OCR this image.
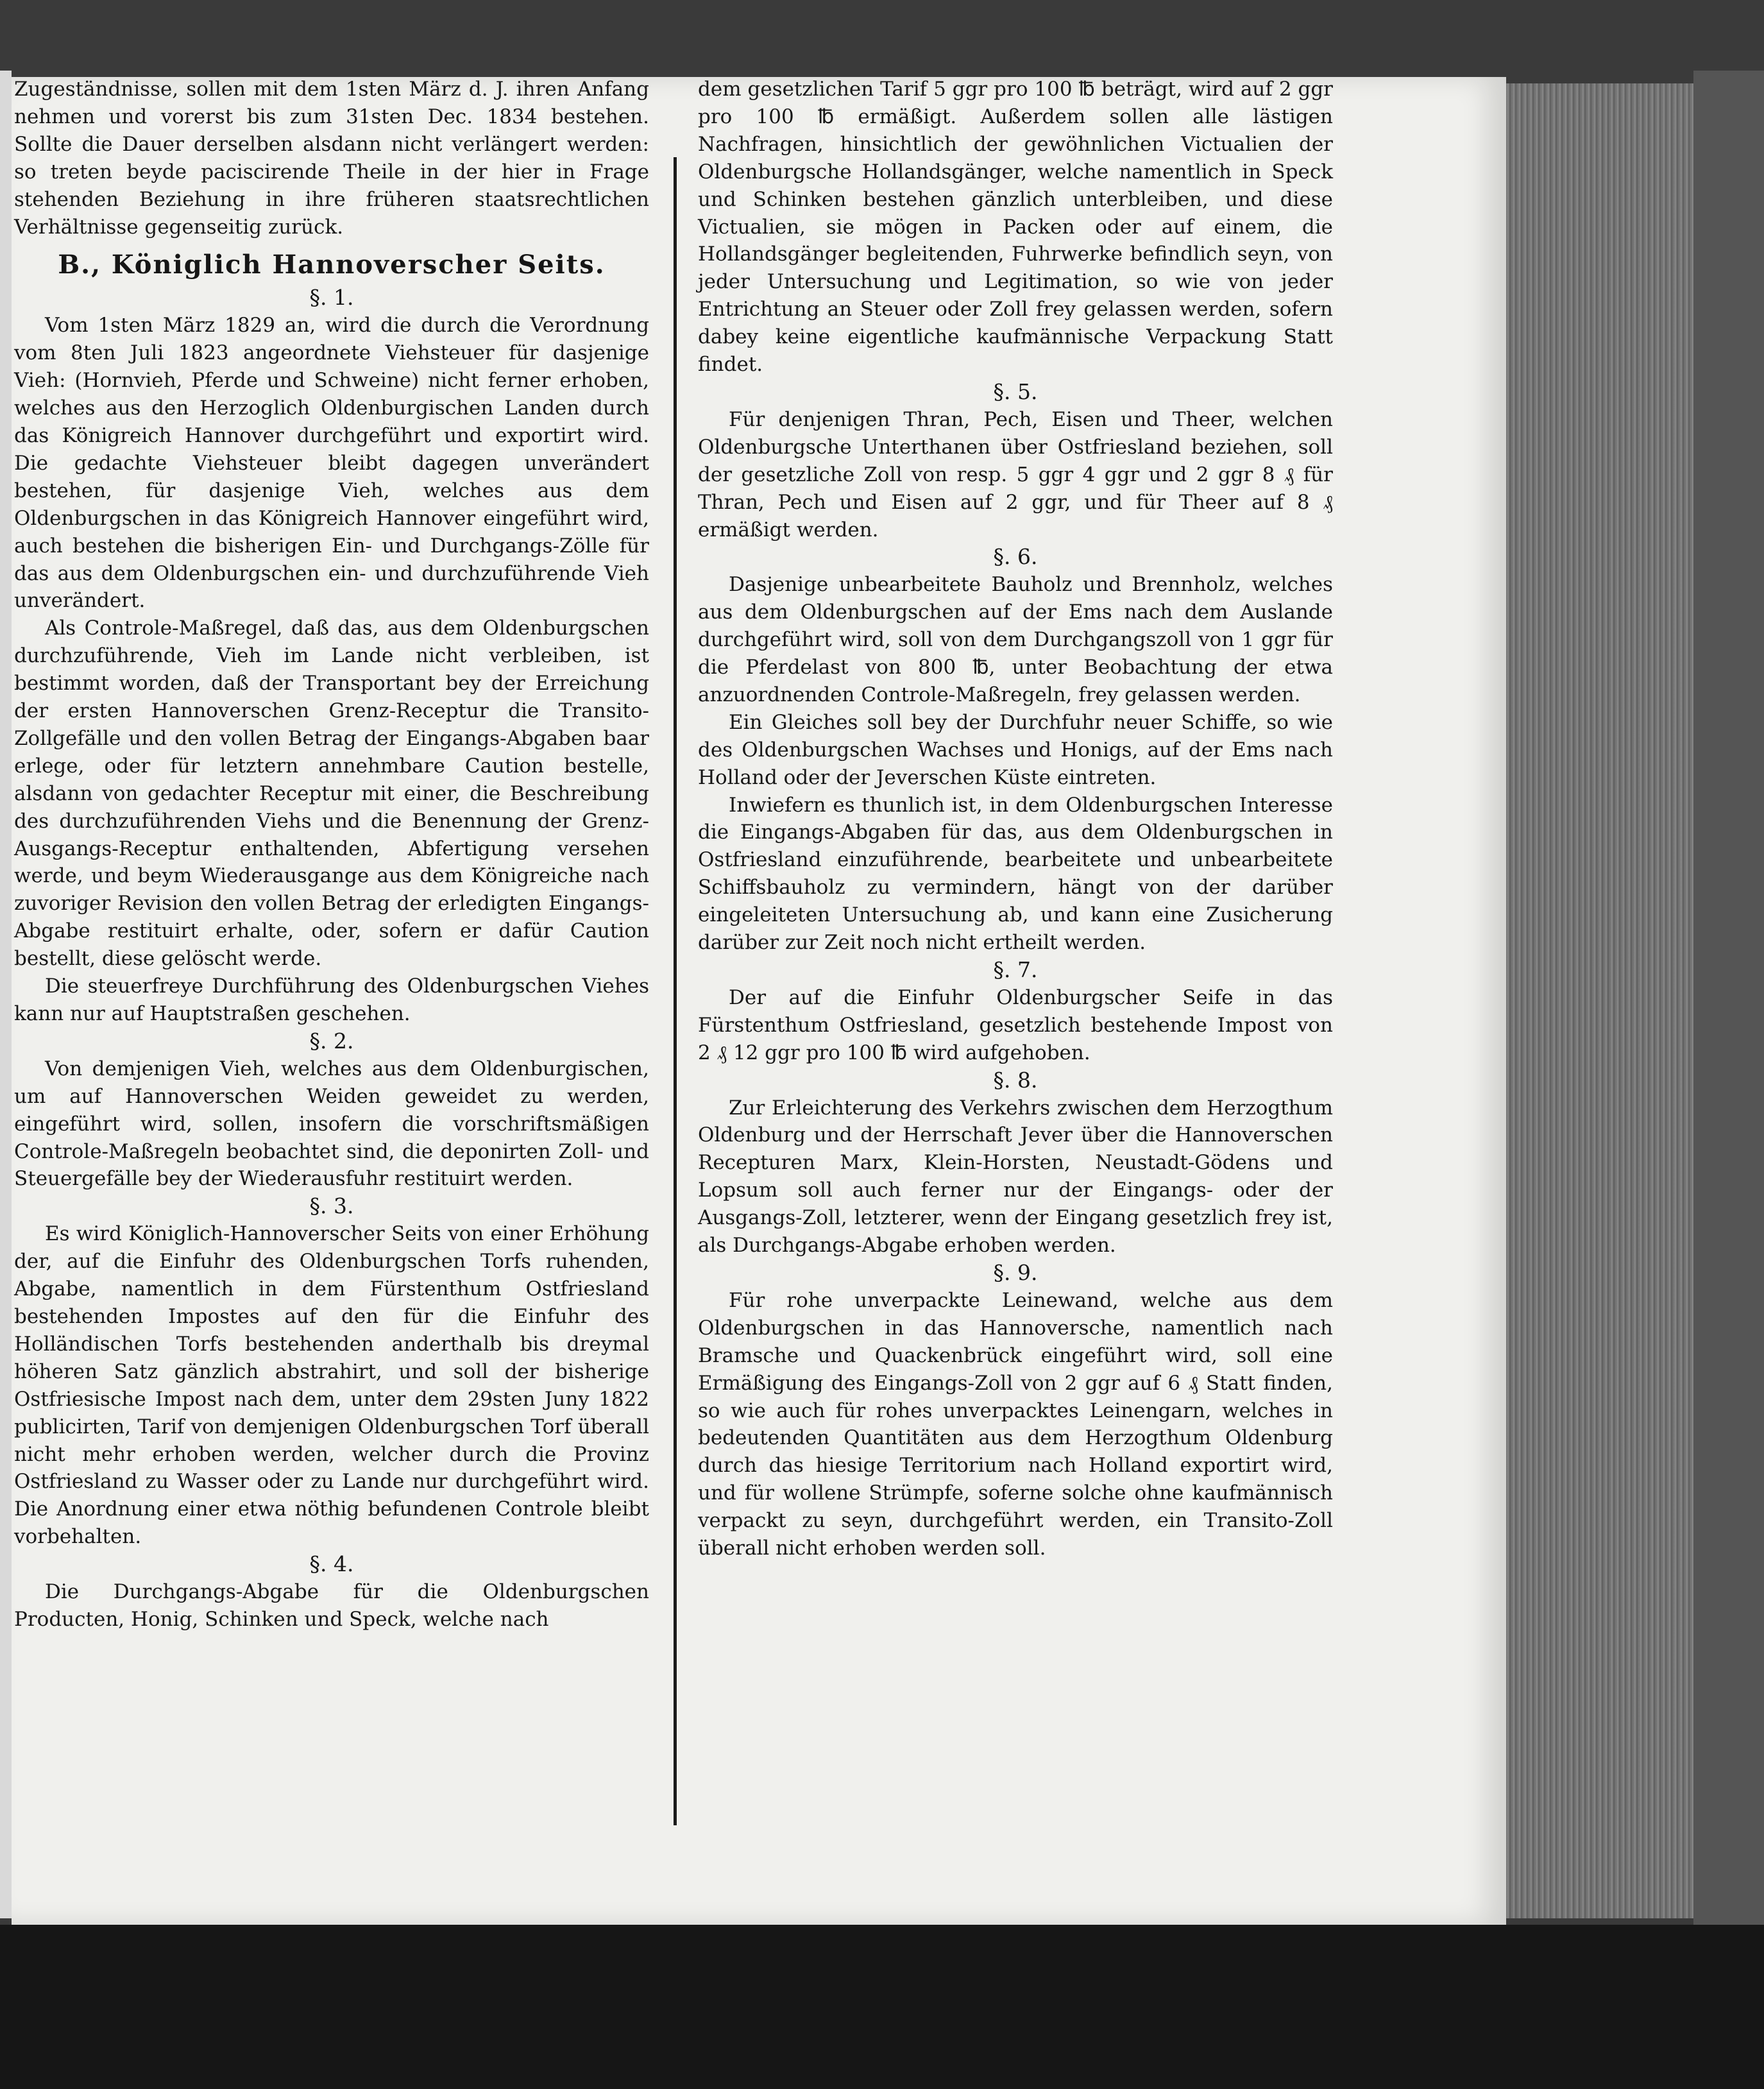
Zugeständnisse, sollen mit dem 1sten März d. J. ihren Anfang nehmen und vorerst bis zum 31sten Dec. 1834 bestehen. Sollte die Dauer derselben alsdann nicht verlängert werden: so treten beyde paciscirende Theile in der hier in Frage stehenden Beziehung in ihre früheren staatsrechtlichen Verhältnisse gegenseitig zurück.

B., Königlich Hannoverscher Seits.

§. 1.

Vom 1sten März 1829 an, wird die durch die Verordnung vom 8ten Juli 1823 angeordnete Viehsteuer für dasjenige Vieh: (Hornvieh, Pferde und Schweine) nicht ferner erhoben, welches aus den Herzoglich Oldenburgischen Landen durch das Königreich Hannover durchgeführt und exportirt wird. Die gedachte Viehsteuer bleibt dagegen unverändert bestehen, für dasjenige Vieh, welches aus dem Oldenburgschen in das Königreich Hannover eingeführt wird, auch bestehen die bisherigen Ein- und Durchgangs-Zölle für das aus dem Oldenburgschen ein- und durchzuführende Vieh unverändert.

Als Controle-Maßregel, daß das, aus dem Oldenburgschen durchzuführende, Vieh im Lande nicht verbleiben, ist bestimmt worden, daß der Transportant bey der Erreichung der ersten Hannoverschen Grenz-Receptur die Transito-Zollgefälle und den vollen Betrag der Eingangs-Abgaben baar erlege, oder für letztern annehmbare Caution bestelle, alsdann von gedachter Receptur mit einer, die Beschreibung des durchzuführenden Viehs und die Benennung der Grenz-Ausgangs-Receptur enthaltenden, Abfertigung versehen werde, und beym Wiederausgange aus dem Königreiche nach zuvoriger Revision den vollen Betrag der erledigten Eingangs-Abgabe restituirt erhalte, oder, sofern er dafür Caution bestellt, diese gelöscht werde.

Die steuerfreye Durchführung des Oldenburgschen Viehes kann nur auf Hauptstraßen geschehen.

§. 2.

Von demjenigen Vieh, welches aus dem Oldenburgischen, um auf Hannoverschen Weiden geweidet zu werden, eingeführt wird, sollen, insofern die vorschriftsmäßigen Controle-Maßregeln beobachtet sind, die deponirten Zoll- und Steuergefälle bey der Wiederausfuhr restituirt werden.

§. 3.

Es wird Königlich-Hannoverscher Seits von einer Erhöhung der, auf die Einfuhr des Oldenburgschen Torfs ruhenden, Abgabe, namentlich in dem Fürstenthum Ostfriesland bestehenden Impostes auf den für die Einfuhr des Holländischen Torfs bestehenden anderthalb bis dreymal höheren Satz gänzlich abstrahirt, und soll der bisherige Ostfriesische Impost nach dem, unter dem 29sten Juny 1822 publicirten, Tarif von demjenigen Oldenburgschen Torf überall nicht mehr erhoben werden, welcher durch die Provinz Ostfriesland zu Wasser oder zu Lande nur durchgeführt wird. Die Anordnung einer etwa nöthig befundenen Controle bleibt vorbehalten.

§. 4.

Die Durchgangs-Abgabe für die Oldenburgschen Producten, Honig, Schinken und Speck, welche nach

dem gesetzlichen Tarif 5 ggr pro 100 ℔ beträgt, wird auf 2 ggr pro 100 ℔ ermäßigt. Außerdem sollen alle lästigen Nachfragen, hinsichtlich der gewöhnlichen Victualien der Oldenburgsche Hollandsgänger, welche namentlich in Speck und Schinken bestehen gänzlich unterbleiben, und diese Victualien, sie mögen in Packen oder auf einem, die Hollandsgänger begleitenden, Fuhrwerke befindlich seyn, von jeder Untersuchung und Legitimation, so wie von jeder Entrichtung an Steuer oder Zoll frey gelassen werden, sofern dabey keine eigentliche kaufmännische Verpackung Statt findet.

§. 5.

Für denjenigen Thran, Pech, Eisen und Theer, welchen Oldenburgsche Unterthanen über Ostfriesland beziehen, soll der gesetzliche Zoll von resp. 5 ggr 4 ggr und 2 ggr 8 ₰ für Thran, Pech und Eisen auf 2 ggr, und für Theer auf 8 ₰ ermäßigt werden.

§. 6.

Dasjenige unbearbeitete Bauholz und Brennholz, welches aus dem Oldenburgschen auf der Ems nach dem Auslande durchgeführt wird, soll von dem Durchgangszoll von 1 ggr für die Pferdelast von 800 ℔, unter Beobachtung der etwa anzuordnenden Controle-Maßregeln, frey gelassen werden.

Ein Gleiches soll bey der Durchfuhr neuer Schiffe, so wie des Oldenburgschen Wachses und Honigs, auf der Ems nach Holland oder der Jeverschen Küste eintreten.

Inwiefern es thunlich ist, in dem Oldenburgschen Interesse die Eingangs-Abgaben für das, aus dem Oldenburgschen in Ostfriesland einzuführende, bearbeitete und unbearbeitete Schiffsbauholz zu vermindern, hängt von der darüber eingeleiteten Untersuchung ab, und kann eine Zusicherung darüber zur Zeit noch nicht ertheilt werden.

§. 7.

Der auf die Einfuhr Oldenburgscher Seife in das Fürstenthum Ostfriesland, gesetzlich bestehende Impost von 2 ₰ 12 ggr pro 100 ℔ wird aufgehoben.

§. 8.

Zur Erleichterung des Verkehrs zwischen dem Herzogthum Oldenburg und der Herrschaft Jever über die Hannoverschen Recepturen Marx, Klein-Horsten, Neustadt-Gödens und Lopsum soll auch ferner nur der Eingangs- oder der Ausgangs-Zoll, letzterer, wenn der Eingang gesetzlich frey ist, als Durchgangs-Abgabe erhoben werden.

§. 9.

Für rohe unverpackte Leinewand, welche aus dem Oldenburgschen in das Hannoversche, namentlich nach Bramsche und Quackenbrück eingeführt wird, soll eine Ermäßigung des Eingangs-Zoll von 2 ggr auf 6 ₰ Statt finden, so wie auch für rohes unverpacktes Leinengarn, welches in bedeutenden Quantitäten aus dem Herzogthum Oldenburg durch das hiesige Territorium nach Holland exportirt wird, und für wollene Strümpfe, soferne solche ohne kaufmännisch verpackt zu seyn, durchgeführt werden, ein Transito-Zoll überall nicht erhoben werden soll.
